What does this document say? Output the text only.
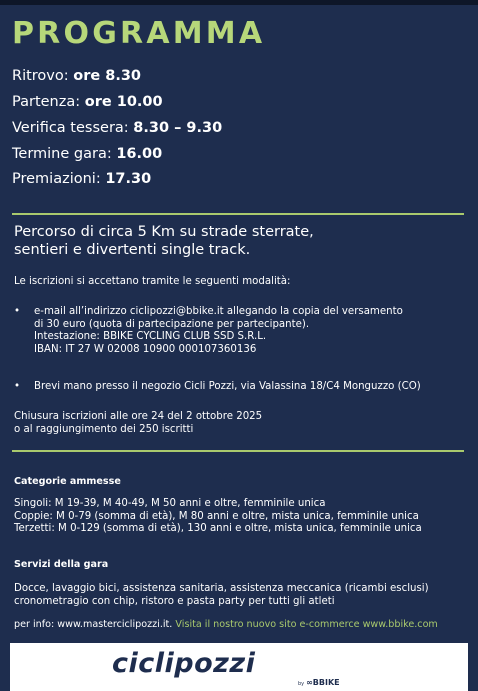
PROGRAMMA
Ritrovo: ore 8.30
Partenza: ore 10.00
Verifica tessera: 8.30 – 9.30
Termine gara: 16.00
Premiazioni: 17.30
Percorso di circa 5 Km su strade sterrate,
sentieri e divertenti single track.
Le iscrizioni si accettano tramite le seguenti modalità:
• e-mail all’indirizzo ciclipozzi@bbike.it allegando la copia del versamento
di 30 euro (quota di partecipazione per partecipante).
Intestazione: BBIKE CYCLING CLUB SSD S.R.L.
IBAN: IT 27 W 02008 10900 000107360136
• Brevi mano presso il negozio Cicli Pozzi, via Valassina 18/C4 Monguzzo (CO)
Chiusura iscrizioni alle ore 24 del 2 ottobre 2025
o al raggiungimento dei 250 iscritti
Categorie ammesse
Singoli: M 19-39, M 40-49, M 50 anni e oltre, femminile unica
Coppie: M 0-79 (somma di età), M 80 anni e oltre, mista unica, femminile unica
Terzetti: M 0-129 (somma di età), 130 anni e oltre, mista unica, femminile unica
Servizi della gara
Docce, lavaggio bici, assistenza sanitaria, assistenza meccanica (ricambi esclusi)
cronometragio con chip, ristoro e pasta party per tutti gli atleti
per info: www.masterciclipozzi.it. Visita il nostro nuovo sito e-commerce www.bbike.com
ciclipozzi
by ∞BBIKE
